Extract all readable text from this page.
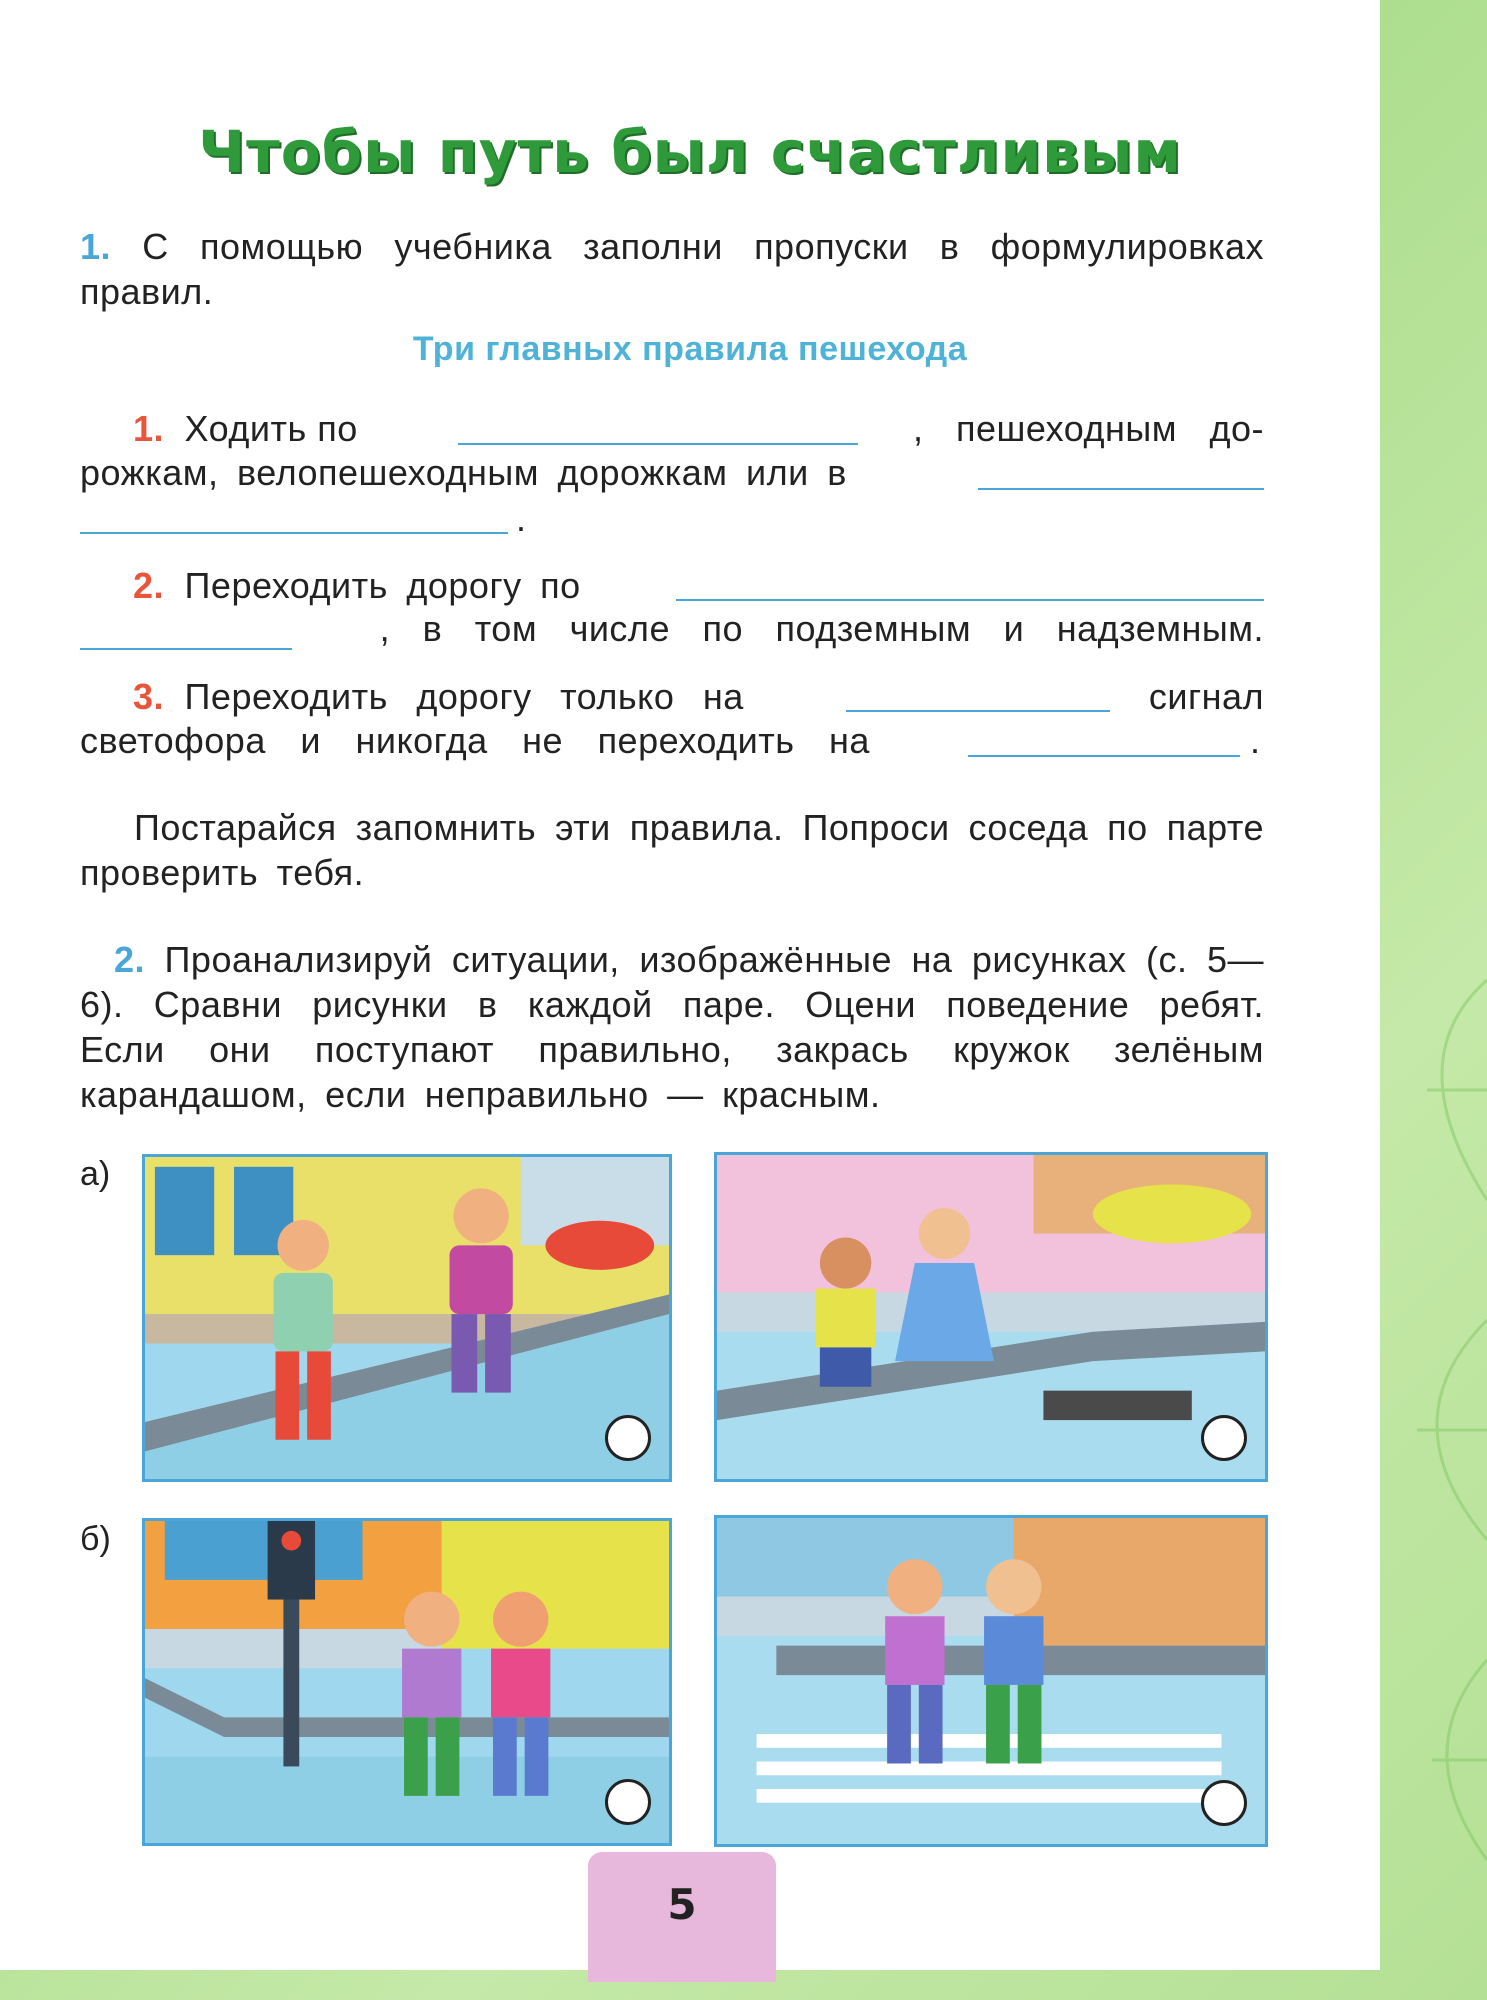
Чтобы путь был счастливым
1. С помощью учебника заполни пропуски в формулировках правил.
Три главных правила пешехода
1. Ходить по	, пешеходным до-
рожкам, велопешеходным дорожкам или в
.
2. Переходить дорогу по
, в том числе по подземным и надземным.
3. Переходить дорогу только на	сигнал
светофора и никогда не переходить на	.
Постарайся запомнить эти правила. Попроси соседа по парте проверить тебя.
2. Проанализируй ситуации, изображённые на рисунках (с. 5—6). Сравни рисунки в каждой паре. Оцени поведение ребят. Если они поступают правильно, закрась кружок зелёным карандашом, если неправильно — красным.
а)
б)
5
